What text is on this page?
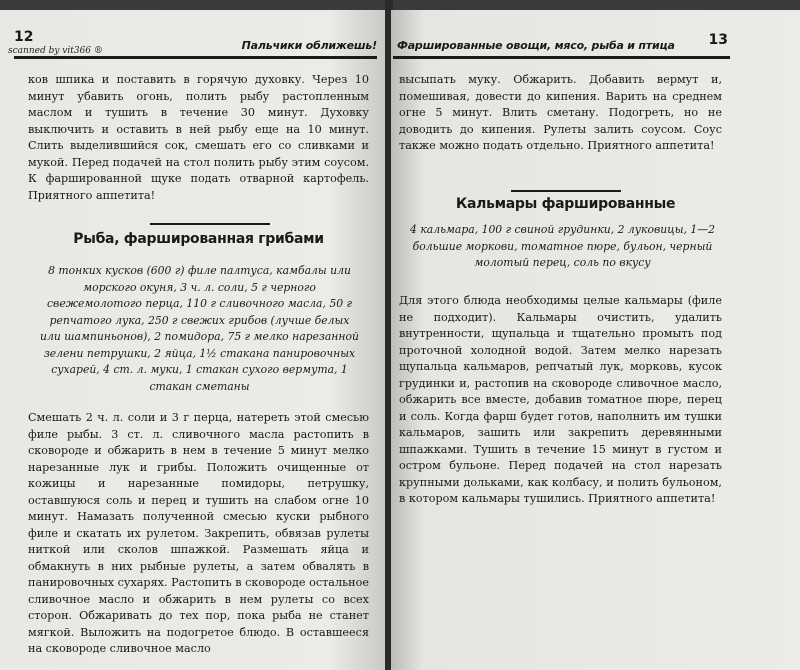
12
Пальчики оближешь!
scanned by vit366 ®
ков шпика и поставить в горячую духовку. Через 10 минут убавить огонь, полить рыбу растопленным маслом и тушить в течение 30 минут. Духовку выключить и оставить в ней рыбу еще на 10 минут. Слить выделившийся сок, смешать его со сливками и мукой. Перед подачей на стол полить рыбу этим соусом. К фаршированной щуке подать отварной картофель. Приятного аппетита!
Рыба, фаршированная грибами
8 тонких кусков (600 г) филе палтуса, камбалы или морского окуня, 3 ч. л. соли, 5 г черного свежемолотого перца, 110 г сливочного масла, 50 г репчатого лука, 250 г свежих грибов (лучше белых или шампиньонов), 2 помидора, 75 г мелко нарезанной зелени петрушки, 2 яйца, 1½ стакана панировочных сухарей, 4 ст. л. муки, 1 стакан сухого вермута, 1 стакан сметаны
Смешать 2 ч. л. соли и 3 г перца, натереть этой смесью филе рыбы. 3 ст. л. сливочного масла растопить в сковороде и обжарить в нем в течение 5 минут мелко нарезанные лук и грибы. Положить очищенные от кожицы и нарезанные помидоры, петрушку, оставшуюся соль и перец и тушить на слабом огне 10 минут. Намазать полученной смесью куски рыбного филе и скатать их рулетом. Закрепить, обвязав рулеты ниткой или сколов шпажкой. Размешать яйца и обмакнуть в них рыбные рулеты, а затем обвалять в панировочных сухарях. Растопить в сковороде остальное сливочное масло и обжарить в нем рулеты со всех сторон. Обжаривать до тех пор, пока рыба не станет мягкой. Выложить на подогретое блюдо. В оставшееся на сковороде сливочное масло
Фаршированные овощи, мясо, рыба и птица 13
высыпать муку. Обжарить. Добавить вермут и, помешивая, довести до кипения. Варить на среднем огне 5 минут. Влить сметану. Подогреть, но не доводить до кипения. Рулеты залить соусом. Соус также можно подать отдельно. Приятного аппетита!
Кальмары фаршированные
4 кальмара, 100 г свиной грудинки, 2 луковицы, 1—2 большие моркови, томатное пюре, бульон, черный молотый перец, соль по вкусу
Для этого блюда необходимы целые кальмары (филе не подходит). Кальмары очистить, удалить внутренности, щупальца и тщательно промыть под проточной холодной водой. Затем мелко нарезать щупальца кальмаров, репчатый лук, морковь, кусок грудинки и, растопив на сковороде сливочное масло, обжарить все вместе, добавив томатное пюре, перец и соль. Когда фарш будет готов, наполнить им тушки кальмаров, зашить или закрепить деревянными шпажками. Тушить в течение 15 минут в густом и остром бульоне. Перед подачей на стол нарезать крупными дольками, как колбасу, и полить бульоном, в котором кальмары тушились. Приятного аппетита!
